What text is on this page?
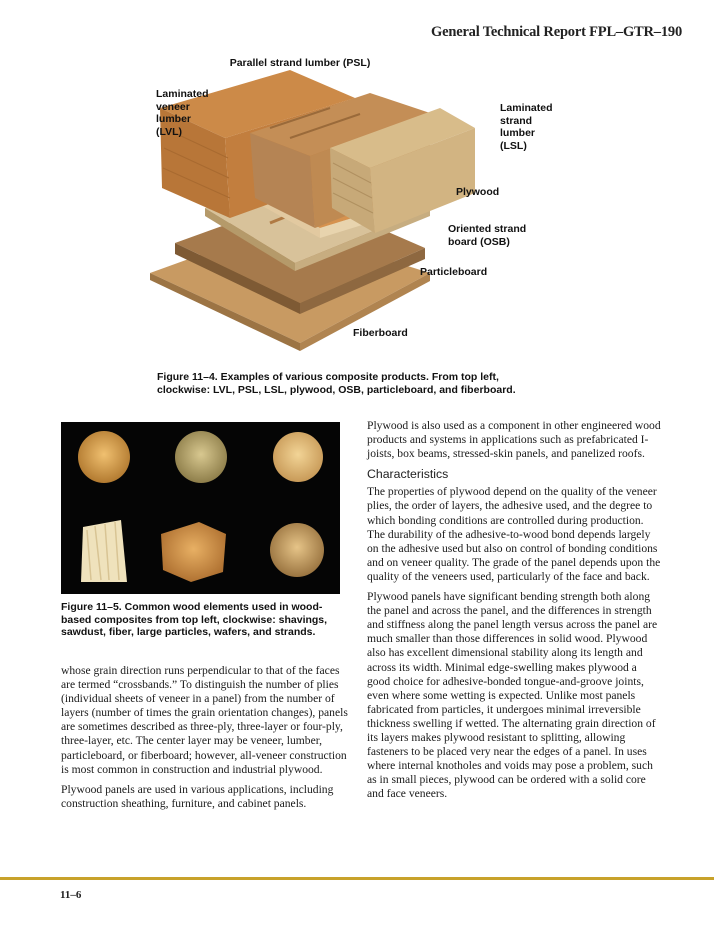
General Technical Report FPL–GTR–190
Parallel strand lumber (PSL)
Laminated
veneer
lumber
(LVL)
Laminated
strand
lumber
(LSL)
Plywood
Oriented strand
board (OSB)
Particleboard
Fiberboard
Figure 11–4. Examples of various composite products. From top left, clockwise: LVL, PSL, LSL, plywood, OSB, particleboard, and fiberboard.
Figure 11–5. Common wood elements used in wood-based composites from top left, clockwise: shavings, sawdust, fiber, large particles, wafers, and strands.

whose grain direction runs perpendicular to that of the faces are termed “crossbands.” To distinguish the number of plies (individual sheets of veneer in a panel) from the number of layers (number of times the grain orientation changes), panels are sometimes described as three-ply, three-layer or four-ply, three-layer, etc. The center layer may be veneer, lumber, particleboard, or fiberboard; however, all-veneer construction is most common in construction and industrial plywood.

Plywood panels are used in various applications, including construction sheathing, furniture, and cabinet panels.

Plywood is also used as a component in other engineered wood products and systems in applications such as prefabricated I-joists, box beams, stressed-skin panels, and panelized roofs.

Characteristics

The properties of plywood depend on the quality of the veneer plies, the order of layers, the adhesive used, and the degree to which bonding conditions are controlled during production. The durability of the adhesive-to-wood bond depends largely on the adhesive used but also on control of bonding conditions and on veneer quality. The grade of the panel depends upon the quality of the veneers used, particularly of the face and back.

Plywood panels have significant bending strength both along the panel and across the panel, and the differences in strength and stiffness along the panel length versus across the panel are much smaller than those differences in solid wood. Plywood also has excellent dimensional stability along its length and across its width. Minimal edge-swelling makes plywood a good choice for adhesive-bonded tongue-and-groove joints, even where some wetting is expected. Unlike most panels fabricated from particles, it undergoes minimal irreversible thickness swelling if wetted. The alternating grain direction of its layers makes plywood resistant to splitting, allowing fasteners to be placed very near the edges of a panel. In uses where internal knotholes and voids may pose a problem, such as in small pieces, plywood can be ordered with a solid core and face veneers.

11–6
